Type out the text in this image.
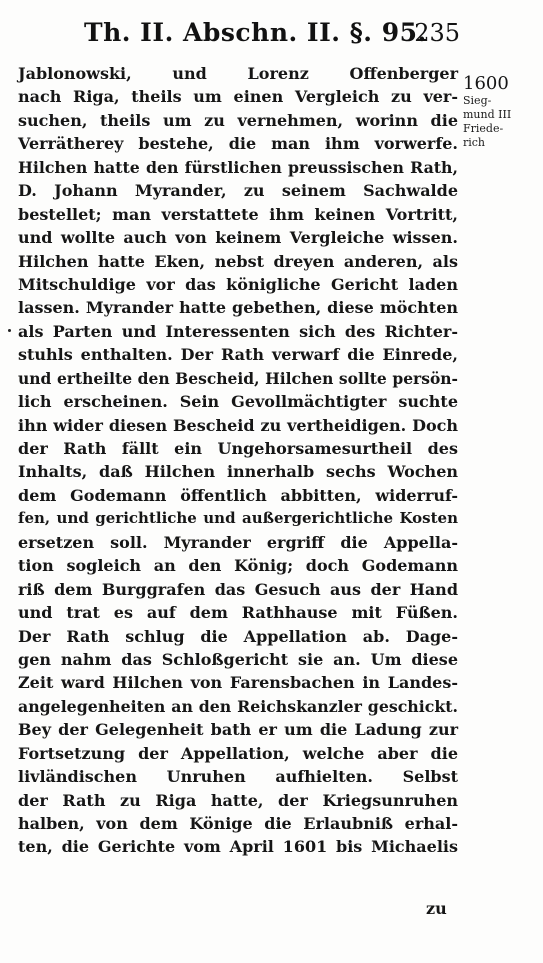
Th. II. Abschn. II. §. 95.
235
1600
Sieg-
mund III
Friede-
rich
Jablonowski, und Lorenz Offenberger
nach Riga, theils um einen Vergleich zu ver-
suchen, theils um zu vernehmen, worinn die
Verrätherey bestehe, die man ihm vorwerfe.
Hilchen hatte den fürstlichen preussischen Rath,
D. Johann Myrander, zu seinem Sachwalde
bestellet; man verstattete ihm keinen Vortritt,
und wollte auch von keinem Vergleiche wissen.
Hilchen hatte Eken, nebst dreyen anderen, als
Mitschuldige vor das königliche Gericht laden
lassen. Myrander hatte gebethen, diese möchten
als Parten und Interessenten sich des Richter-
stuhls enthalten. Der Rath verwarf die Einrede,
und ertheilte den Bescheid, Hilchen sollte persön-
lich erscheinen. Sein Gevollmächtigter suchte
ihn wider diesen Bescheid zu vertheidigen. Doch
der Rath fällt ein Ungehorsamesurtheil des
Inhalts, daß Hilchen innerhalb sechs Wochen
dem Godemann öffentlich abbitten, widerruf-
fen, und gerichtliche und außergerichtliche Kosten
ersetzen soll. Myrander ergriff die Appella-
tion sogleich an den König; doch Godemann
riß dem Burggrafen das Gesuch aus der Hand
und trat es auf dem Rathhause mit Füßen.
Der Rath schlug die Appellation ab. Dage-
gen nahm das Schloßgericht sie an. Um diese
Zeit ward Hilchen von Farensbachen in Landes-
angelegenheiten an den Reichskanzler geschickt.
Bey der Gelegenheit bath er um die Ladung zur
Fortsetzung der Appellation, welche aber die
livländischen Unruhen aufhielten. Selbst
der Rath zu Riga hatte, der Kriegsunruhen
halben, von dem Könige die Erlaubniß erhal-
ten, die Gerichte vom April 1601 bis Michaelis
zu
